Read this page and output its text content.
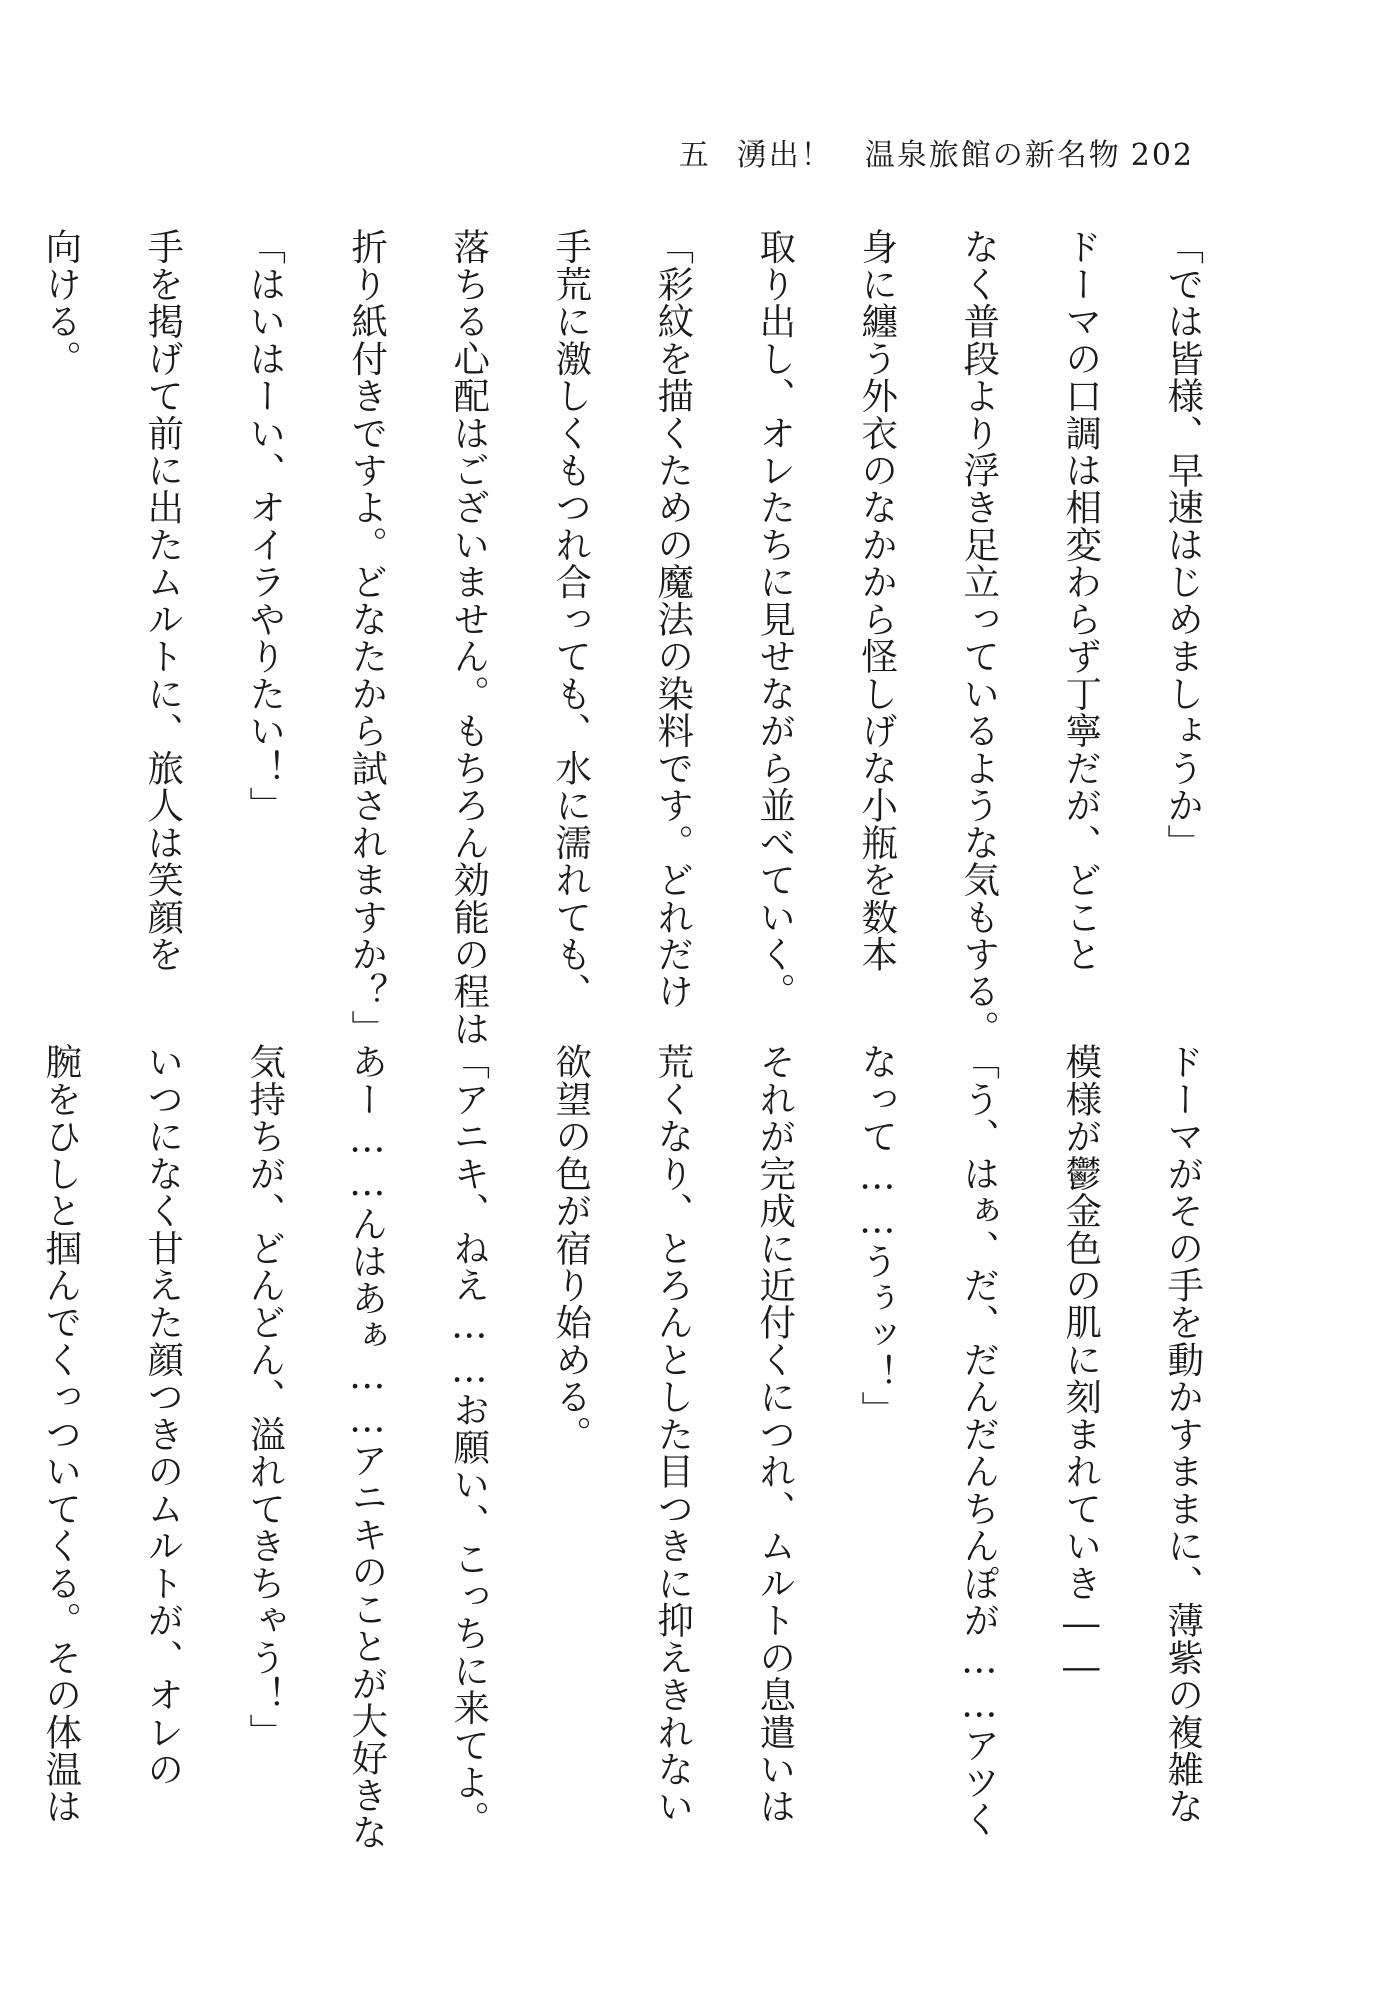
五 湧出！　温泉旅館の新名物 202
「では皆様、早速はじめましょうか」
ドーマの口調は相変わらず丁寧だが、どこと
なく普段より浮き足立っているような気もする。
身に纏う外衣のなかから怪しげな小瓶を数本
取り出し、オレたちに見せながら並べていく。
「彩紋を描くための魔法の染料です。どれだけ
手荒に激しくもつれ合っても、水に濡れても、
落ちる心配はございません。もちろん効能の程は
折り紙付きですよ。どなたから試されますか？」
「はいはーい、オイラやりたい！」
手を掲げて前に出たムルトに、旅人は笑顔を
向ける。
ドーマがその手を動かすままに、薄紫の複雑な
模様が鬱金色の肌に刻まれていき――
「う、はぁ、だ、だんだんちんぽが……アツく
なって……うぅッ！」
それが完成に近付くにつれ、ムルトの息遣いは
荒くなり、とろんとした目つきに抑えきれない
欲望の色が宿り始める。
「アニキ、ねえ……お願い、こっちに来てよ。
あー……んはあぁ……アニキのことが大好きな
気持ちが、どんどん、溢れてきちゃう！」
いつになく甘えた顔つきのムルトが、オレの
腕をひしと掴んでくっついてくる。その体温は
